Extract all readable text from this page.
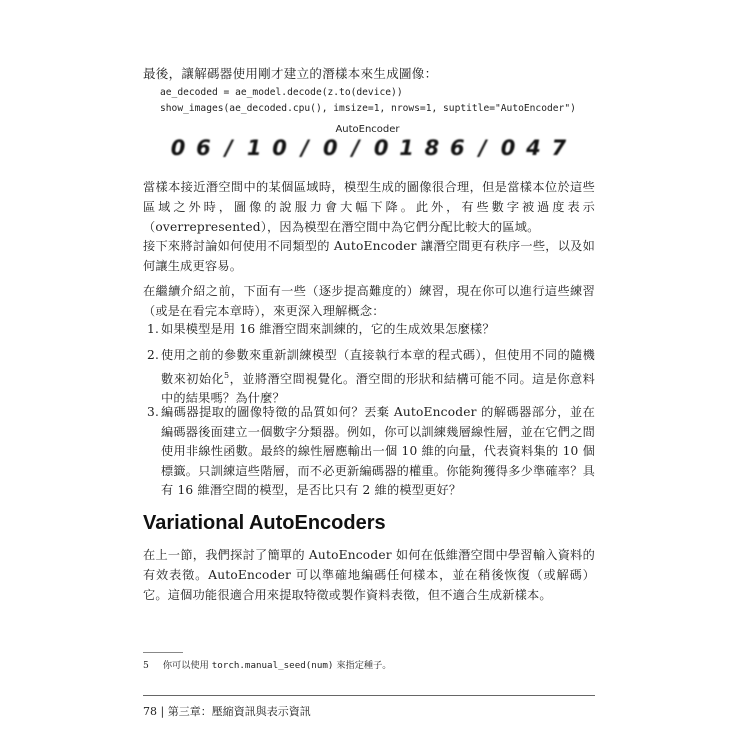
最後，讓解碼器使用剛才建立的潛樣本來生成圖像：
ae_decoded = ae_model.decode(z.to(device))
show_images(ae_decoded.cpu(), imsize=1, nrows=1, suptitle="AutoEncoder")
AutoEncoder
0 6 / 1 0 / 0 / 0 1 8 6 / 0 4 7
當樣本接近潛空間中的某個區域時，模型生成的圖像很合理，但是當樣本位於這些區域之外時，圖像的說服力會大幅下降。此外，有些數字被過度表示（overrepresented），因為模型在潛空間中為它們分配比較大的區域。
接下來將討論如何使用不同類型的 AutoEncoder 讓潛空間更有秩序一些，以及如何讓生成更容易。
在繼續介紹之前，下面有一些（逐步提高難度的）練習，現在你可以進行這些練習（或是在看完本章時），來更深入理解概念：
1. 如果模型是用 16 維潛空間來訓練的，它的生成效果怎麼樣？
2. 使用之前的參數來重新訓練模型（直接執行本章的程式碼），但使用不同的隨機數來初始化$^5$，並將潛空間視覺化。潛空間的形狀和結構可能不同。這是你意料中的結果嗎？為什麼？
3. 編碼器提取的圖像特徵的品質如何？丟棄 AutoEncoder 的解碼器部分，並在編碼器後面建立一個數字分類器。例如，你可以訓練幾層線性層，並在它們之間使用非線性函數。最終的線性層應輸出一個 10 維的向量，代表資料集的 10 個標籤。只訓練這些階層，而不必更新編碼器的權重。你能夠獲得多少準確率？具有 16 維潛空間的模型，是否比只有 2 維的模型更好？
Variational AutoEncoders
在上一節，我們探討了簡單的 AutoEncoder 如何在低維潛空間中學習輸入資料的有效表徵。AutoEncoder 可以準確地編碼任何樣本，並在稍後恢復（或解碼）它。這個功能很適合用來提取特徵或製作資料表徵，但不適合生成新樣本。
5 你可以使用 torch.manual_seed(num) 來指定種子。
78 | 第三章：壓縮資訊與表示資訊
